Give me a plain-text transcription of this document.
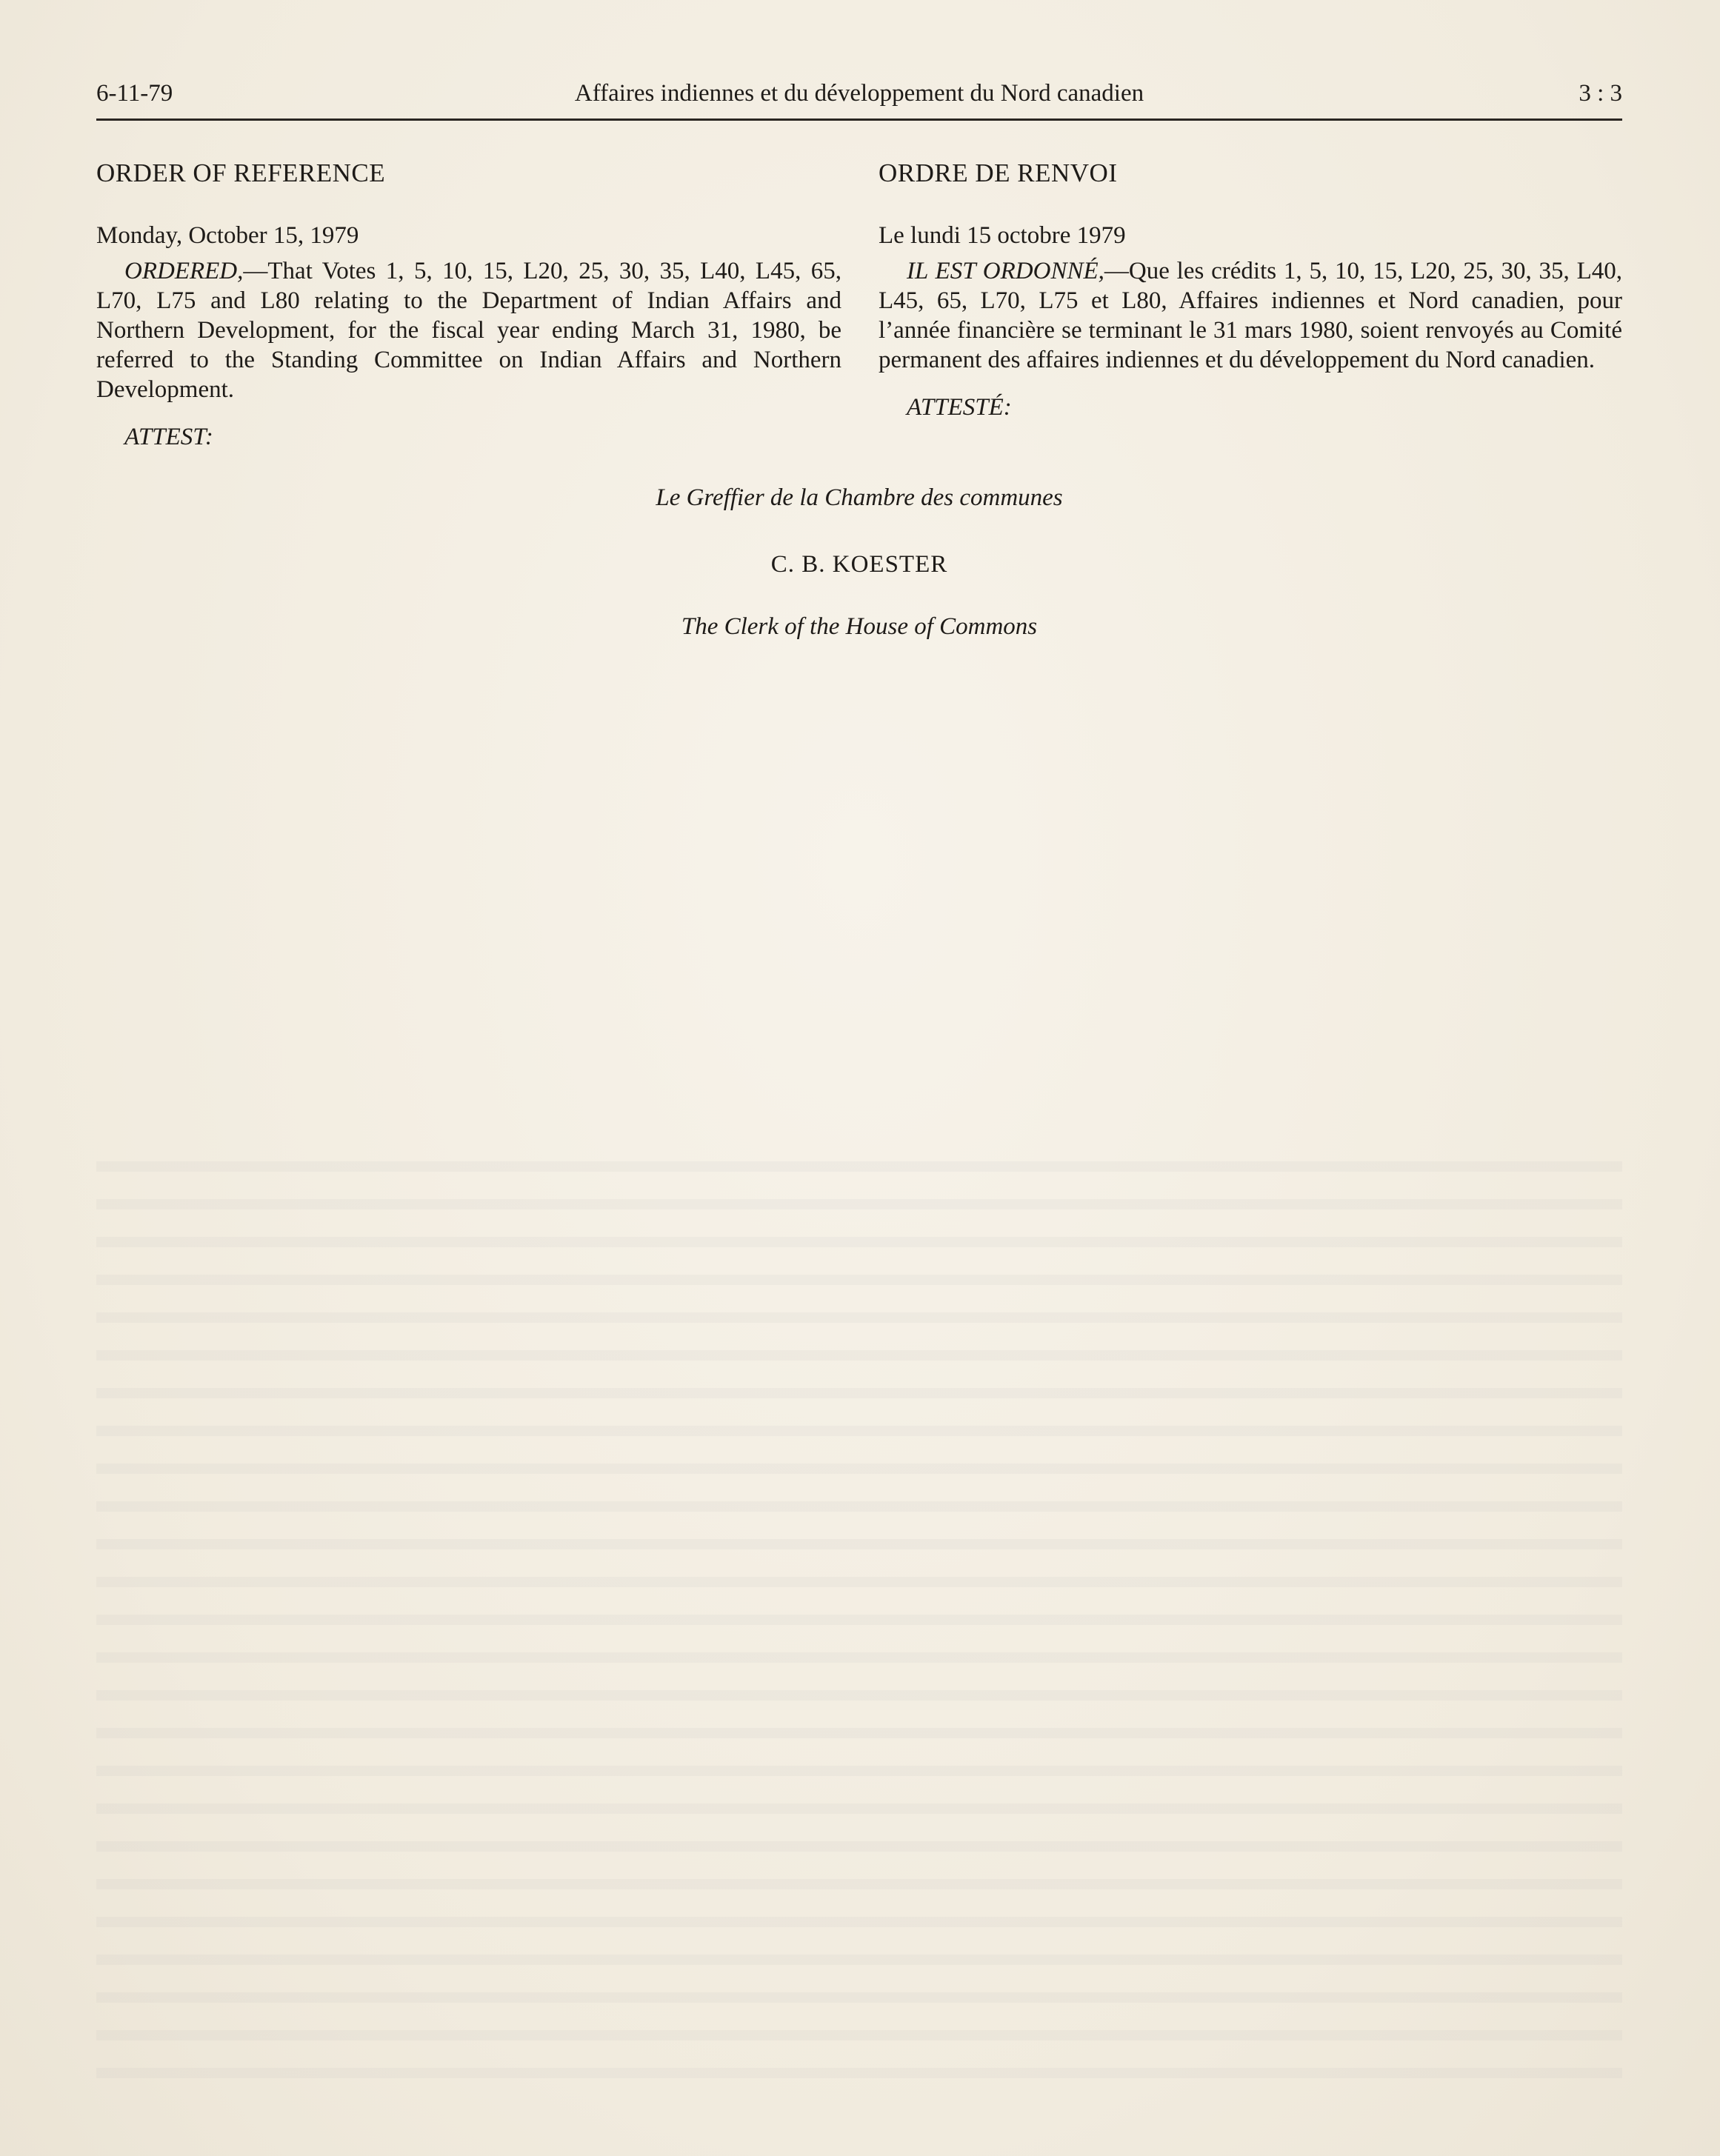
6-11-79	Affaires indiennes et du développement du Nord canadien	3 : 3
ORDER OF REFERENCE

Monday, October 15, 1979

ORDERED,—That Votes 1, 5, 10, 15, L20, 25, 30, 35, L40, L45, 65, L70, L75 and L80 relating to the Department of Indian Affairs and Northern Development, for the fiscal year ending March 31, 1980, be referred to the Standing Committee on Indian Affairs and Northern Development.

ATTEST:

ORDRE DE RENVOI

Le lundi 15 octobre 1979

IL EST ORDONNÉ,—Que les crédits 1, 5, 10, 15, L20, 25, 30, 35, L40, L45, 65, L70, L75 et L80, Affaires indiennes et Nord canadien, pour l’année financière se terminant le 31 mars 1980, soient renvoyés au Comité permanent des affaires indiennes et du développement du Nord canadien.

ATTESTÉ:

Le Greffier de la Chambre des communes
C. B. KOESTER
The Clerk of the House of Commons
